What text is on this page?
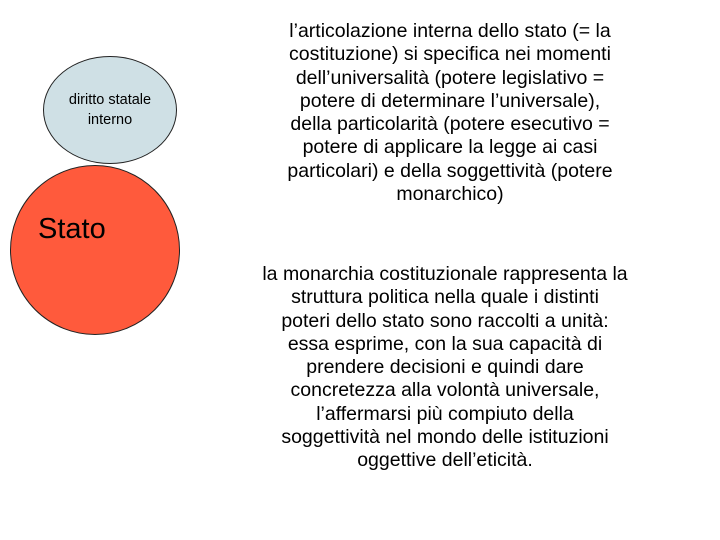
diritto statale interno
Stato
l’articolazione interna dello stato (= la
costituzione) si specifica nei momenti
dell’universalità (potere legislativo =
potere di determinare l’universale),
della particolarità (potere esecutivo =
potere di applicare la legge ai casi
particolari) e della soggettività (potere
monarchico)
la monarchia costituzionale rappresenta la
struttura politica nella quale i distinti
poteri dello stato sono raccolti a unità:
essa esprime, con la sua capacità di
prendere decisioni e quindi dare
concretezza alla volontà universale,
l’affermarsi più compiuto della
soggettività nel mondo delle istituzioni
oggettive dell’eticità.
